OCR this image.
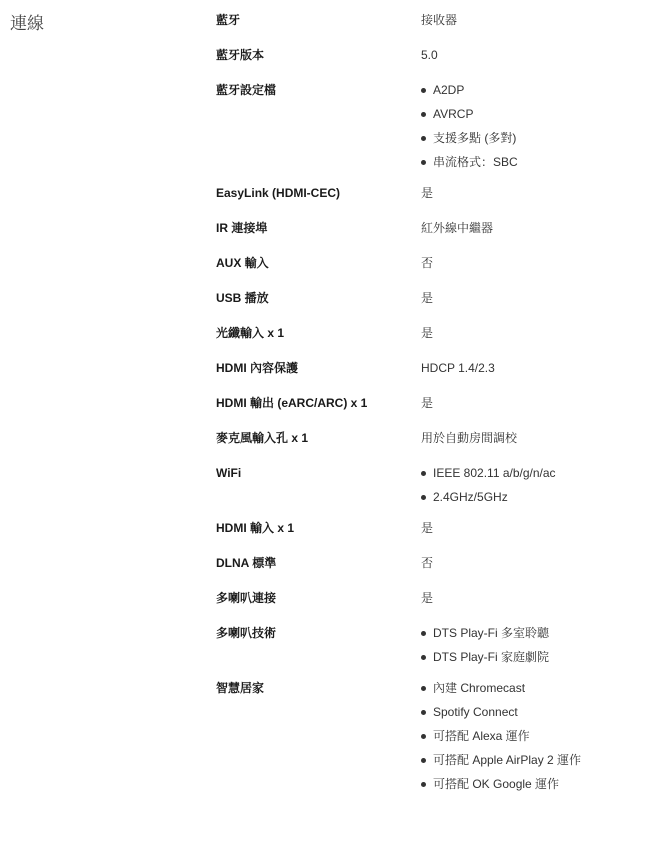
連線	藍牙	接收器
藍牙版本	5.0
藍牙設定檔	A2DP
AVRCP
支援多點 (多對)
串流格式：SBC
EasyLink (HDMI-CEC)	是
IR 連接埠	紅外線中繼器
AUX 輸入	否
USB 播放	是
光纖輸入 x 1	是
HDMI 內容保護	HDCP 1.4/2.3
HDMI 輸出 (eARC/ARC) x 1	是
麥克風輸入孔 x 1	用於自動房間調校
WiFi	IEEE 802.11 a/b/g/n/ac
2.4GHz/5GHz
HDMI 輸入 x 1	是
DLNA 標準	否
多喇叭連接	是
多喇叭技術	DTS Play-Fi 多室聆聽
DTS Play-Fi 家庭劇院
智慧居家	內建 Chromecast
Spotify Connect
可搭配 Alexa 運作
可搭配 Apple AirPlay 2 運作
可搭配 OK Google 運作
